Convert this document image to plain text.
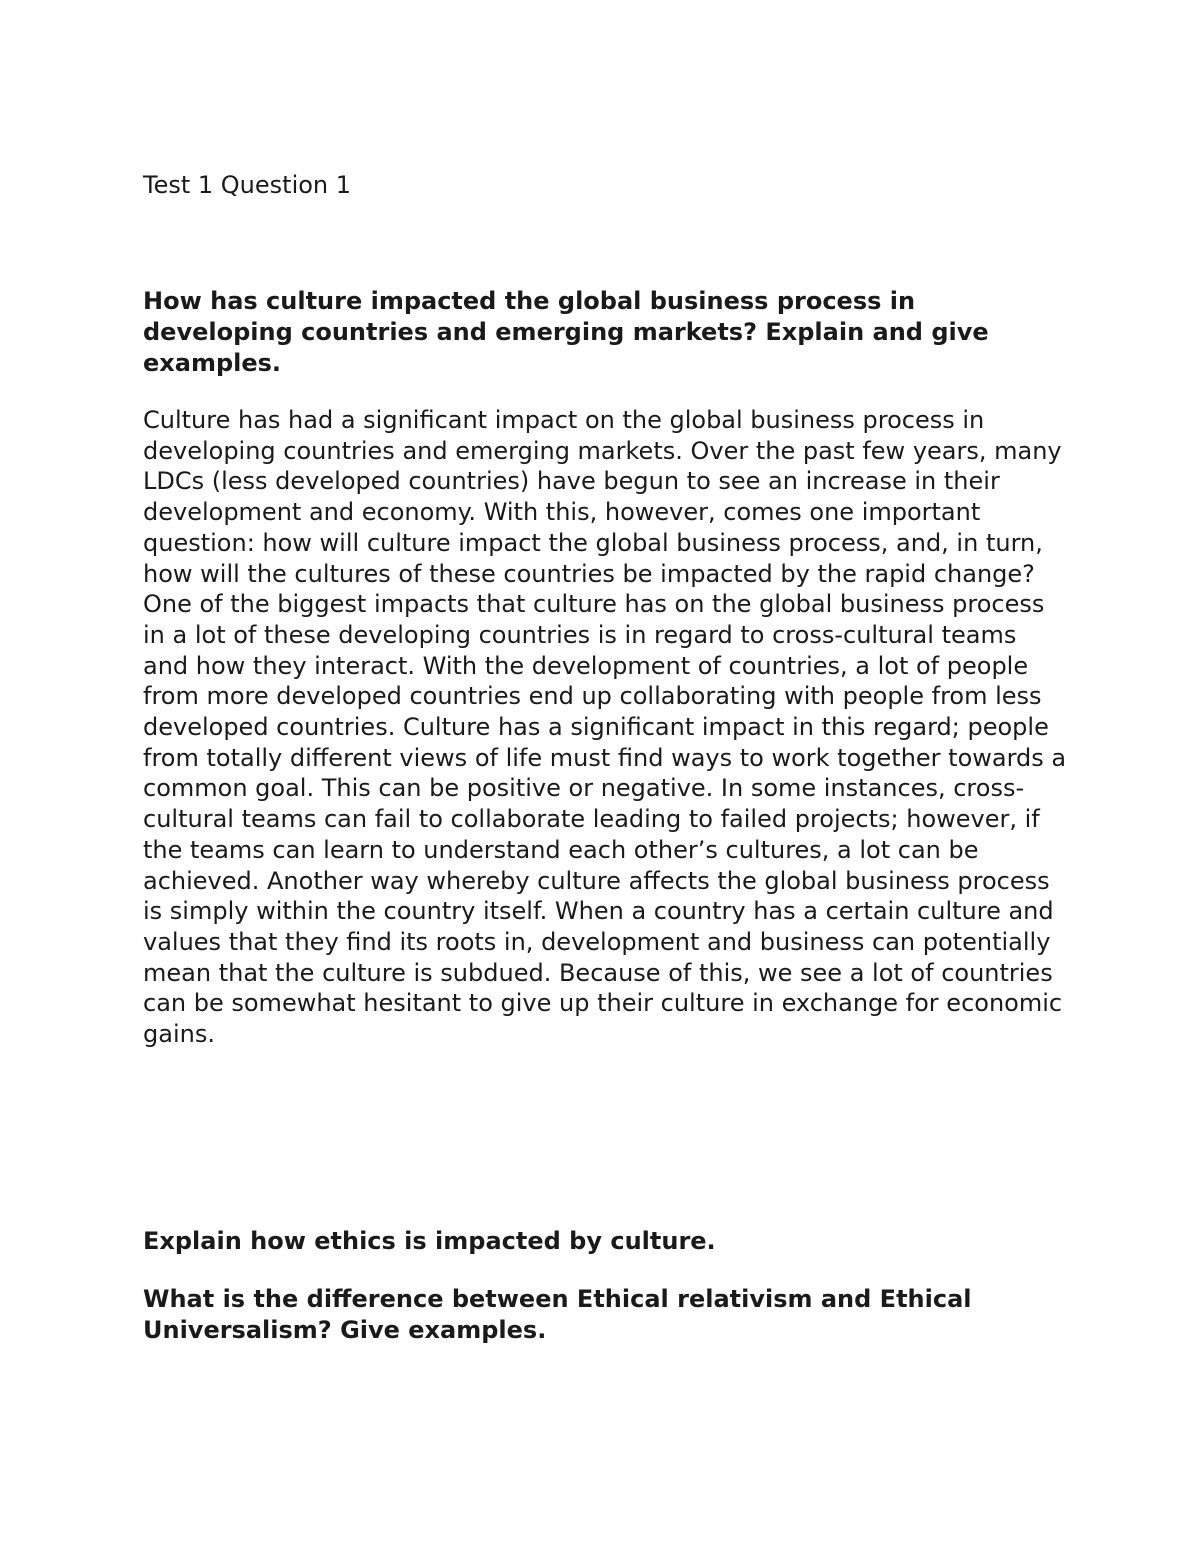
Test 1 Question 1

How has culture impacted the global business process in developing countries and emerging markets? Explain and give examples.

Culture has had a significant impact on the global business process in developing countries and emerging markets. Over the past few years, many LDCs (less developed countries) have begun to see an increase in their development and economy. With this, however, comes one important question: how will culture impact the global business process, and, in turn, how will the cultures of these countries be impacted by the rapid change? One of the biggest impacts that culture has on the global business process in a lot of these developing countries is in regard to cross-cultural teams and how they interact. With the development of countries, a lot of people from more developed countries end up collaborating with people from less developed countries. Culture has a significant impact in this regard; people from totally different views of life must find ways to work together towards a common goal. This can be positive or negative. In some instances, cross-cultural teams can fail to collaborate leading to failed projects; however, if the teams can learn to understand each other’s cultures, a lot can be achieved. Another way whereby culture affects the global business process is simply within the country itself. When a country has a certain culture and values that they find its roots in, development and business can potentially mean that the culture is subdued. Because of this, we see a lot of countries can be somewhat hesitant to give up their culture in exchange for economic gains.

Explain how ethics is impacted by culture.

What is the difference between Ethical relativism and Ethical Universalism? Give examples.
